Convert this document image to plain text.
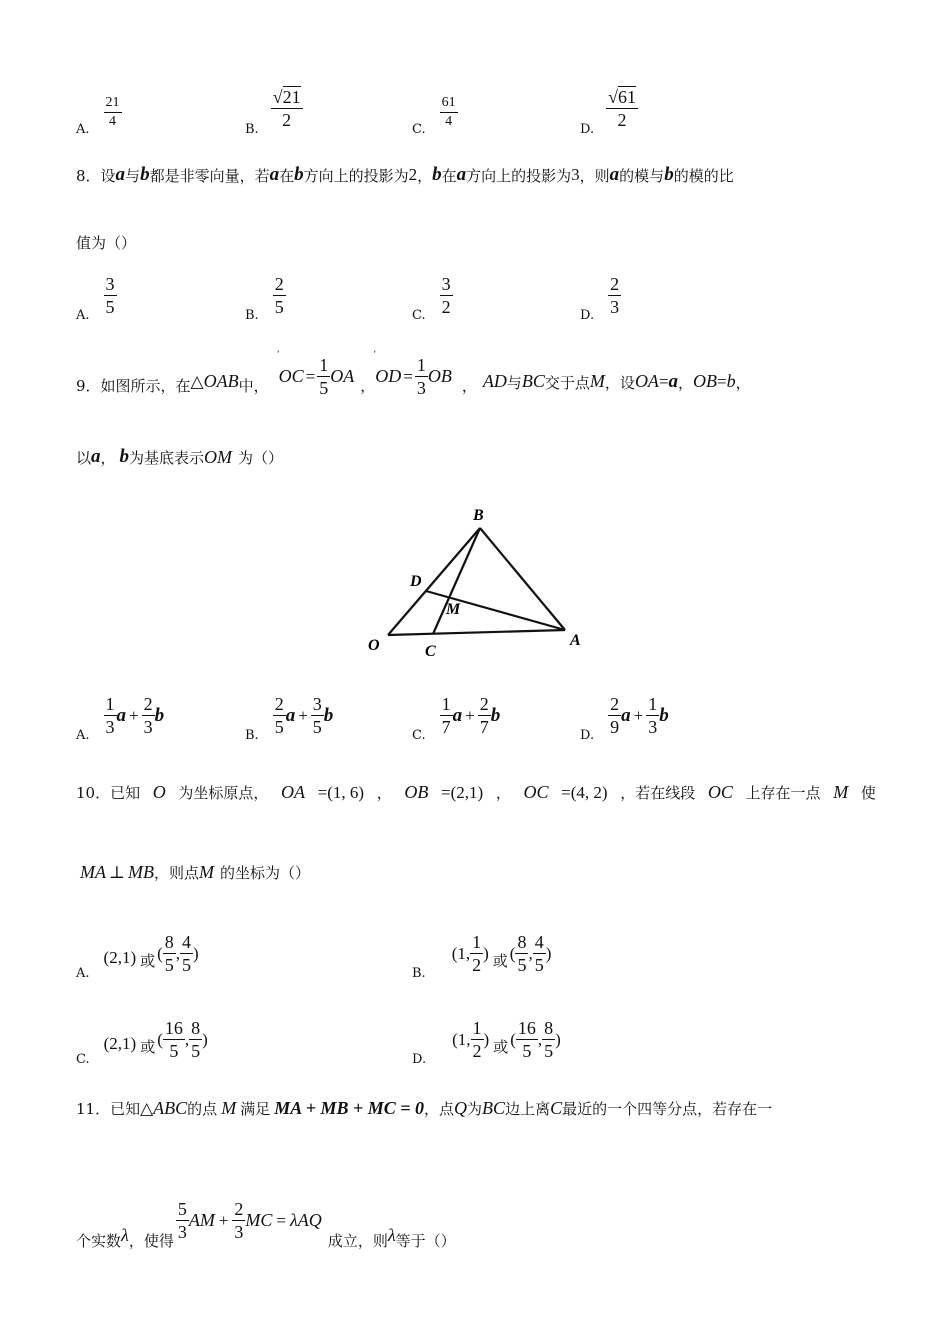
A.
$\frac{21}{4}$
B.
$\frac{√21}{2}$
C.
$\frac{61}{4}$
D.
$\frac{√61}{2}$
8．设 a 与 b 都是非零向量，若 a 在 b 方向上的投影为 2 ， b 在 a 方向上的投影为 3 ，则 a 的模与 b 的模的比
值为（）
A. $\frac{3}{5}$	B. $\frac{2}{5}$	C. $\frac{3}{2}$	D. $\frac{2}{3}$
9．如图所示，在 △ OAB 中，
ʻ
OC = $\frac{1}{5}$ OA ，
ʻ
OD = $\frac{1}{3}$ OB ， AD 与 BC 交于点 M ，设 OA = a ， OB = b ，
以 a ， b 为基底表示 OM 为（）
B
D
M
O	C
A
A. $\frac{1}{3}$ $a + \frac{2}{3}$ b
B. $\frac{2}{5}$ $a + \frac{3}{5}$ b
C. $\frac{1}{7}$ $a + \frac{2}{7}$ b
D. $\frac{2}{9}$ $a + \frac{1}{3}$ b
10．已知 O 为坐标原点， OA =(1, 6) ， OB =(2,1) ， OC =(4, 2) ，若在线段 OC 上存在一点 M 使
MA ⊥ MB ，则点 M 的坐标为（）
A.
(2,1) 或 ( $\frac{8}{5}$ , $\frac{4}{5}$ )
B.
(1, $\frac{1}{2}$ ) 或 ( $\frac{8}{5}$ , $\frac{4}{5}$ )
C.
(2,1) 或 ( $\frac{16}{5}$ , $\frac{8}{5}$ )
D.
(1, $\frac{1}{2}$ ) 或 ( $\frac{16}{5}$ , $\frac{8}{5}$ )
11．已知 △ ABC 的点 M 满足 MA + MB + MC = 0 ，点 Q 为 BC 边上离 C 最近的一个四等分点，若存在一
个实数 λ ，使得 $\frac{5}{3}$ AM + $\frac{2}{3}$ MC = λAQ
成立，则 λ 等于（）
